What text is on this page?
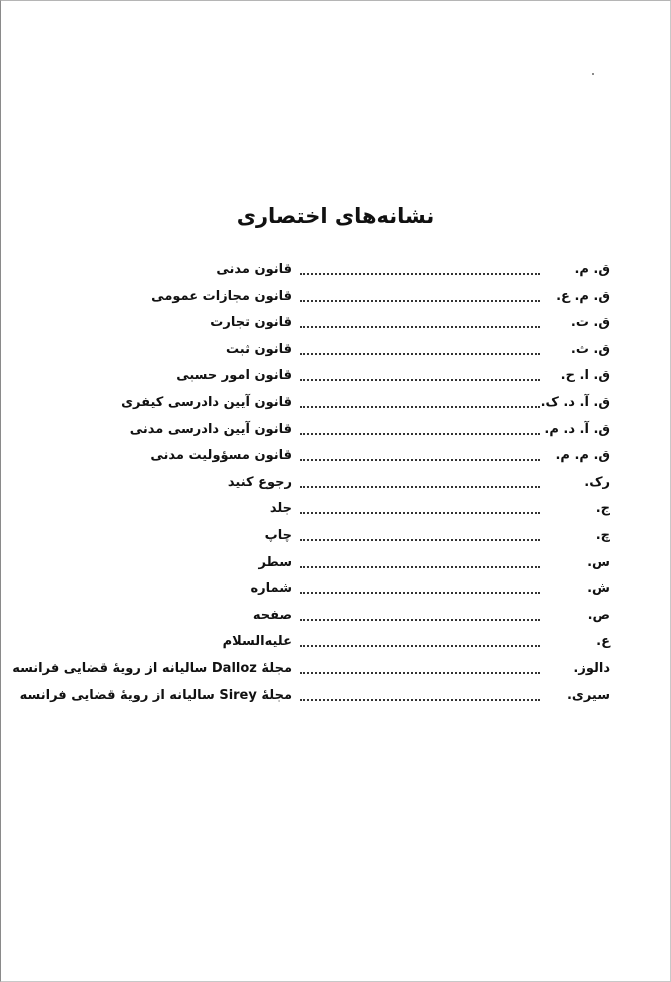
نشانه‌های اختصاری
ق. م.
قانون مدنی
ق. م. ع.
قانون مجازات عمومی
ق. ت.
قانون تجارت
ق. ث.
قانون ثبت
ق. ا. ح.
قانون امور حسبی
ق. آ. د. ک.
قانون آیین دادرسی کیفری
ق. آ. د. م.
قانون آیین دادرسی مدنی
ق. م. م.
قانون مسؤولیت مدنی
رک.
رجوع کنید
ج.
جلد
چ.
چاپ
س.
سطر
ش.
شماره
ص.
صفحه
ع.
علیه‌السلام
دالوز.
مجلهٔ Dalloz سالیانه از رویهٔ قضایی فرانسه
سیری.
مجلهٔ Sirey سالیانه از رویهٔ قضایی فرانسه
